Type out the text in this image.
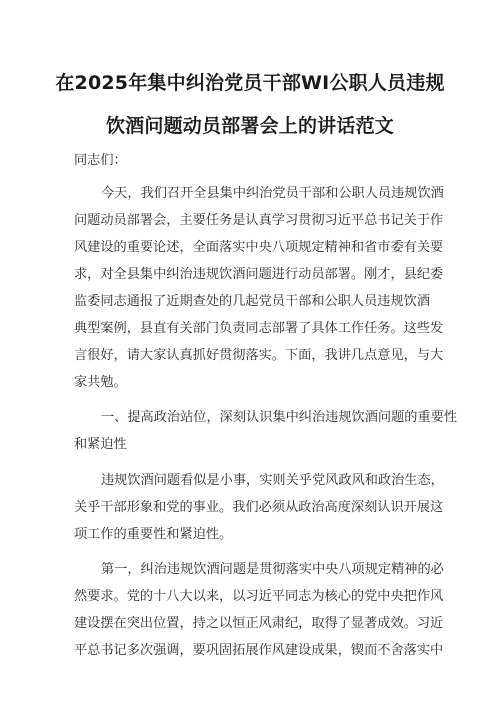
在2025年集中纠治党员干部WI公职人员违规
饮酒问题动员部署会上的讲话范文
同志们：
今天，我们召开全县集中纠治党员干部和公职人员违规饮酒
问题动员部署会，主要任务是认真学习贯彻习近平总书记关于作
风建设的重要论述，全面落实中央八项规定精神和省市委有关要
求，对全县集中纠治违规饮酒问题进行动员部署。刚才，县纪委
监委同志通报了近期查处的几起党员干部和公职人员违规饮酒
典型案例，县直有关部门负责同志部署了具体工作任务。这些发
言很好，请大家认真抓好贯彻落实。下面，我讲几点意见，与大
家共勉。
一、提高政治站位，深刻认识集中纠治违规饮酒问题的重要性
和紧迫性
违规饮酒问题看似是小事，实则关乎党风政风和政治生态，
关乎干部形象和党的事业。我们必须从政治高度深刻认识开展这
项工作的重要性和紧迫性。
第一，纠治违规饮酒问题是贯彻落实中央八项规定精神的必
然要求。党的十八大以来，以习近平同志为核心的党中央把作风
建设摆在突出位置，持之以恒正风肃纪，取得了显著成效。习近
平总书记多次强调，要巩固拓展作风建设成果，锲而不舍落实中
